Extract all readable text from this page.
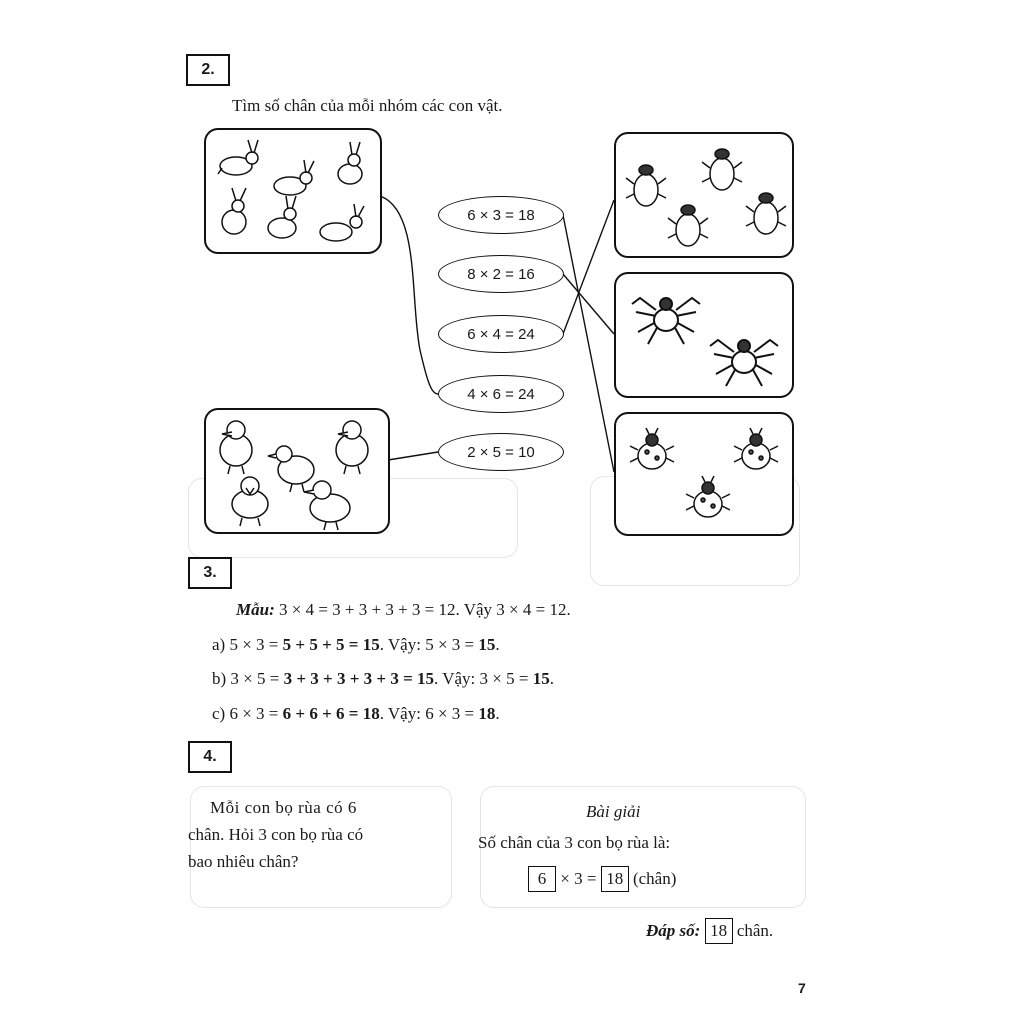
2.
Tìm số chân của mỗi nhóm các con vật.
6 × 3 = 18
8 × 2 = 16
6 × 4 = 24
4 × 6 = 24
2 × 5 = 10
3.
Mẫu: 3 × 4 = 3 + 3 + 3 + 3 = 12. Vậy 3 × 4 = 12.
a) 5 × 3 = 5 + 5 + 5 = 15. Vậy: 5 × 3 = 15.
b) 3 × 5 = 3 + 3 + 3 + 3 + 3 = 15. Vậy: 3 × 5 = 15.
c) 6 × 3 = 6 + 6 + 6 = 18. Vậy: 6 × 3 = 18.
4.
Mỗi con bọ rùa có 6
chân. Hỏi 3 con bọ rùa có
bao nhiêu chân?
Bài giải
Số chân của 3 con bọ rùa là:
6 × 3 = 18 (chân)
Đáp số: 18 chân.
7
